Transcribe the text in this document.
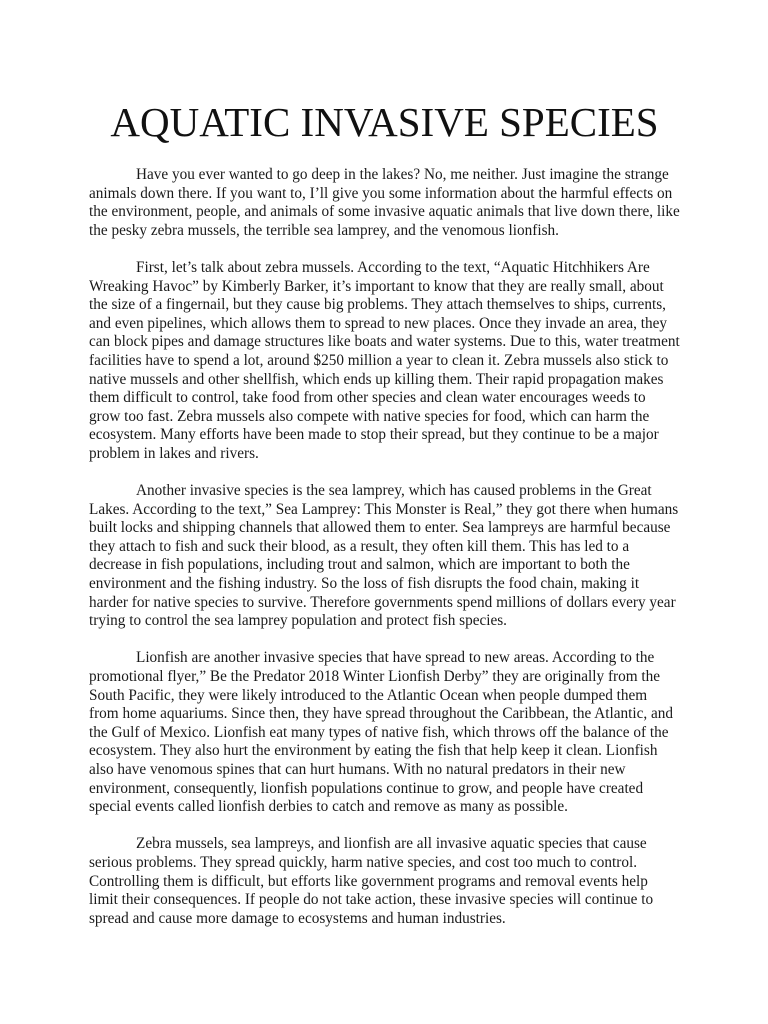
AQUATIC INVASIVE SPECIES

Have you ever wanted to go deep in the lakes? No, me neither. Just imagine the strange animals down there. If you want to, I’ll give you some information about the harmful effects on the environment, people, and animals of some invasive aquatic animals that live down there, like the pesky zebra mussels, the terrible sea lamprey, and the venomous lionfish.

First, let’s talk about zebra mussels. According to the text, “Aquatic Hitchhikers Are Wreaking Havoc” by Kimberly Barker, it’s important to know that they are really small, about the size of a fingernail, but they cause big problems. They attach themselves to ships, currents, and even pipelines, which allows them to spread to new places. Once they invade an area, they can block pipes and damage structures like boats and water systems. Due to this, water treatment facilities have to spend a lot, around $250 million a year to clean it. Zebra mussels also stick to native mussels and other shellfish, which ends up killing them. Their rapid propagation makes them difficult to control, take food from other species and clean water encourages weeds to grow too fast. Zebra mussels also compete with native species for food, which can harm the ecosystem. Many efforts have been made to stop their spread, but they continue to be a major problem in lakes and rivers.

Another invasive species is the sea lamprey, which has caused problems in the Great Lakes. According to the text,” Sea Lamprey: This Monster is Real,” they got there when humans built locks and shipping channels that allowed them to enter. Sea lampreys are harmful because they attach to fish and suck their blood, as a result, they often kill them. This has led to a decrease in fish populations, including trout and salmon, which are important to both the environment and the fishing industry. So the loss of fish disrupts the food chain, making it harder for native species to survive. Therefore governments spend millions of dollars every year trying to control the sea lamprey population and protect fish species.

Lionfish are another invasive species that have spread to new areas. According to the promotional flyer,” Be the Predator 2018 Winter Lionfish Derby” they are originally from the South Pacific, they were likely introduced to the Atlantic Ocean when people dumped them from home aquariums. Since then, they have spread throughout the Caribbean, the Atlantic, and the Gulf of Mexico. Lionfish eat many types of native fish, which throws off the balance of the ecosystem. They also hurt the environment by eating the fish that help keep it clean. Lionfish also have venomous spines that can hurt humans. With no natural predators in their new environment, consequently, lionfish populations continue to grow, and people have created special events called lionfish derbies to catch and remove as many as possible.

Zebra mussels, sea lampreys, and lionfish are all invasive aquatic species that cause serious problems. They spread quickly, harm native species, and cost too much to control. Controlling them is difficult, but efforts like government programs and removal events help limit their consequences. If people do not take action, these invasive species will continue to spread and cause more damage to ecosystems and human industries.
